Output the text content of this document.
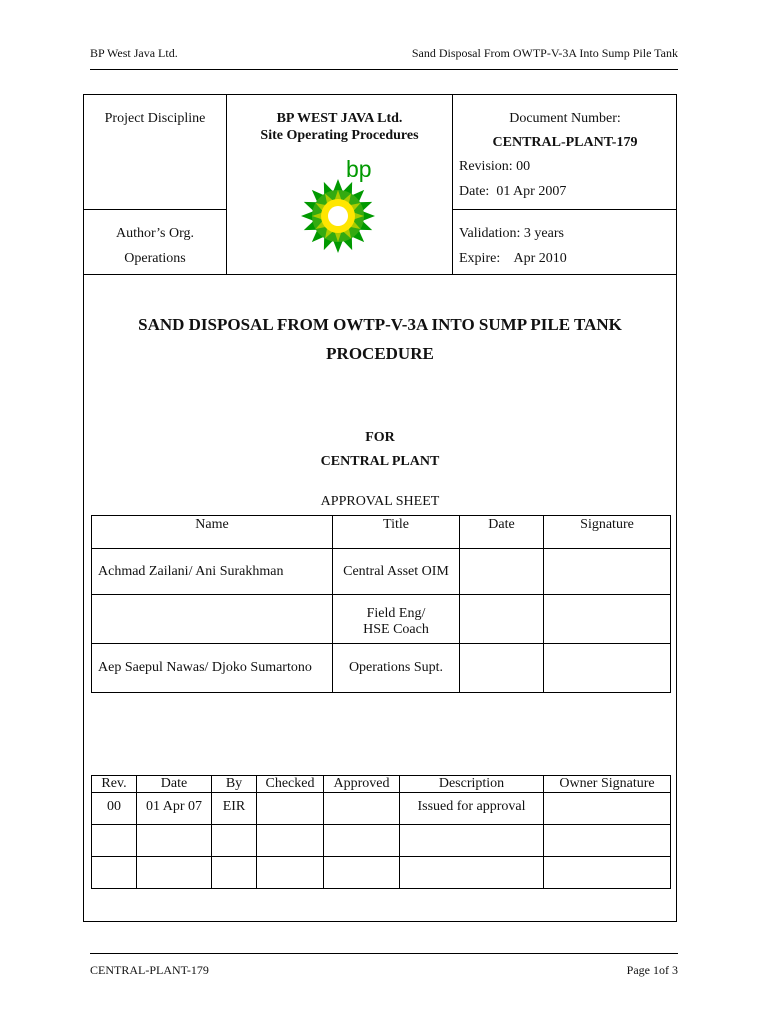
BP West Java Ltd.	Sand Disposal From OWTP-V-3A Into Sump Pile Tank
Project Discipline
Author’s Org.
Operations
BP WEST JAVA Ltd.
Site Operating Procedures
bp
Document Number:
CENTRAL-PLANT-179
Revision: 00
Date: 01 Apr 2007
Validation: 3 years
Expire: Apr 2010
SAND DISPOSAL FROM OWTP-V-3A INTO SUMP PILE TANK
PROCEDURE
FOR
CENTRAL PLANT
APPROVAL SHEET
Name	Title	Date	Signature
Achmad Zailani/ Ani Surakhman	Central Asset OIM		

	Field Eng/
HSE Coach		

Aep Saepul Nawas/ Djoko Sumartono	Operations Supt.		
Rev.	Date	By	Checked	Approved	Description	Owner Signature
00	01 Apr 07	EIR			Issued for approval	

CENTRAL-PLANT-179	Page 1of 3
